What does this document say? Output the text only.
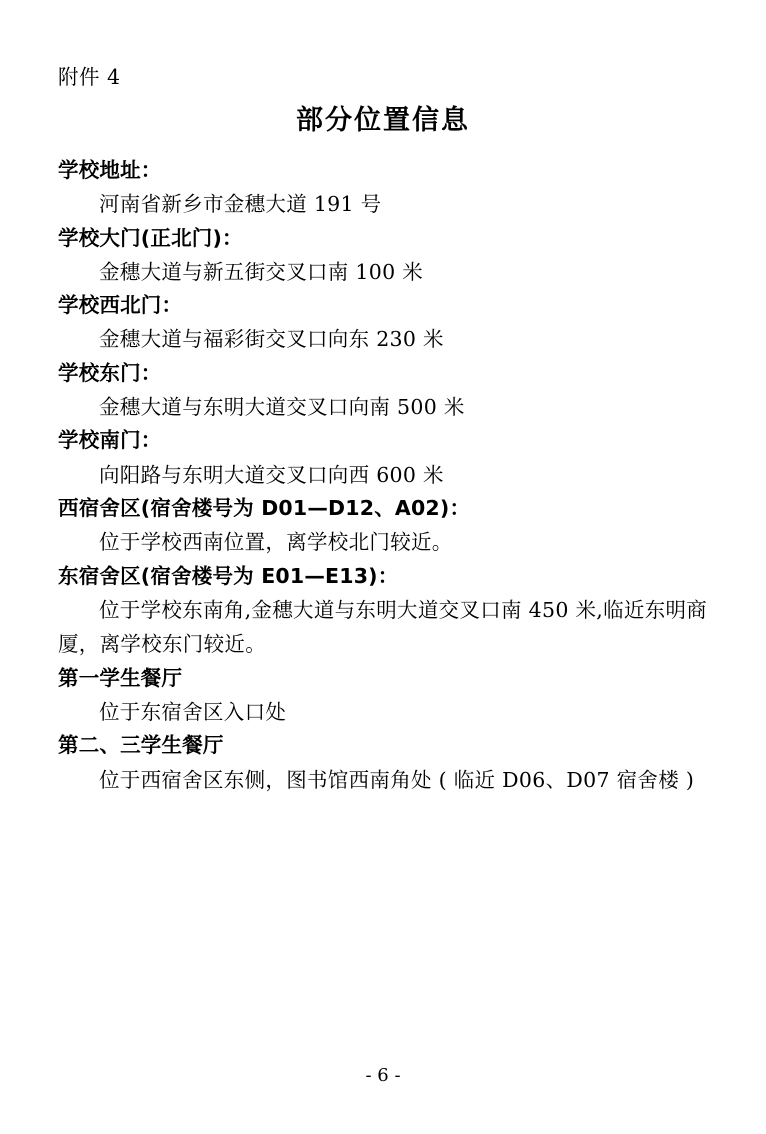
附件 4
部分位置信息
学校地址：
河南省新乡市金穗大道 191 号
学校大门(正北门)：
金穗大道与新五街交叉口南 100 米
学校西北门：
金穗大道与福彩街交叉口向东 230 米
学校东门：
金穗大道与东明大道交叉口向南 500 米
学校南门：
向阳路与东明大道交叉口向西 600 米
西宿舍区(宿舍楼号为 D01—D12、A02)：
位于学校西南位置，离学校北门较近。
东宿舍区(宿舍楼号为 E01—E13)：
位于学校东南角,金穗大道与东明大道交叉口南 450 米,临近东明商厦，离学校东门较近。
第一学生餐厅
位于东宿舍区入口处
第二、三学生餐厅
位于西宿舍区东侧，图书馆西南角处 ( 临近 D06、D07 宿舍楼 )
- 6 -
